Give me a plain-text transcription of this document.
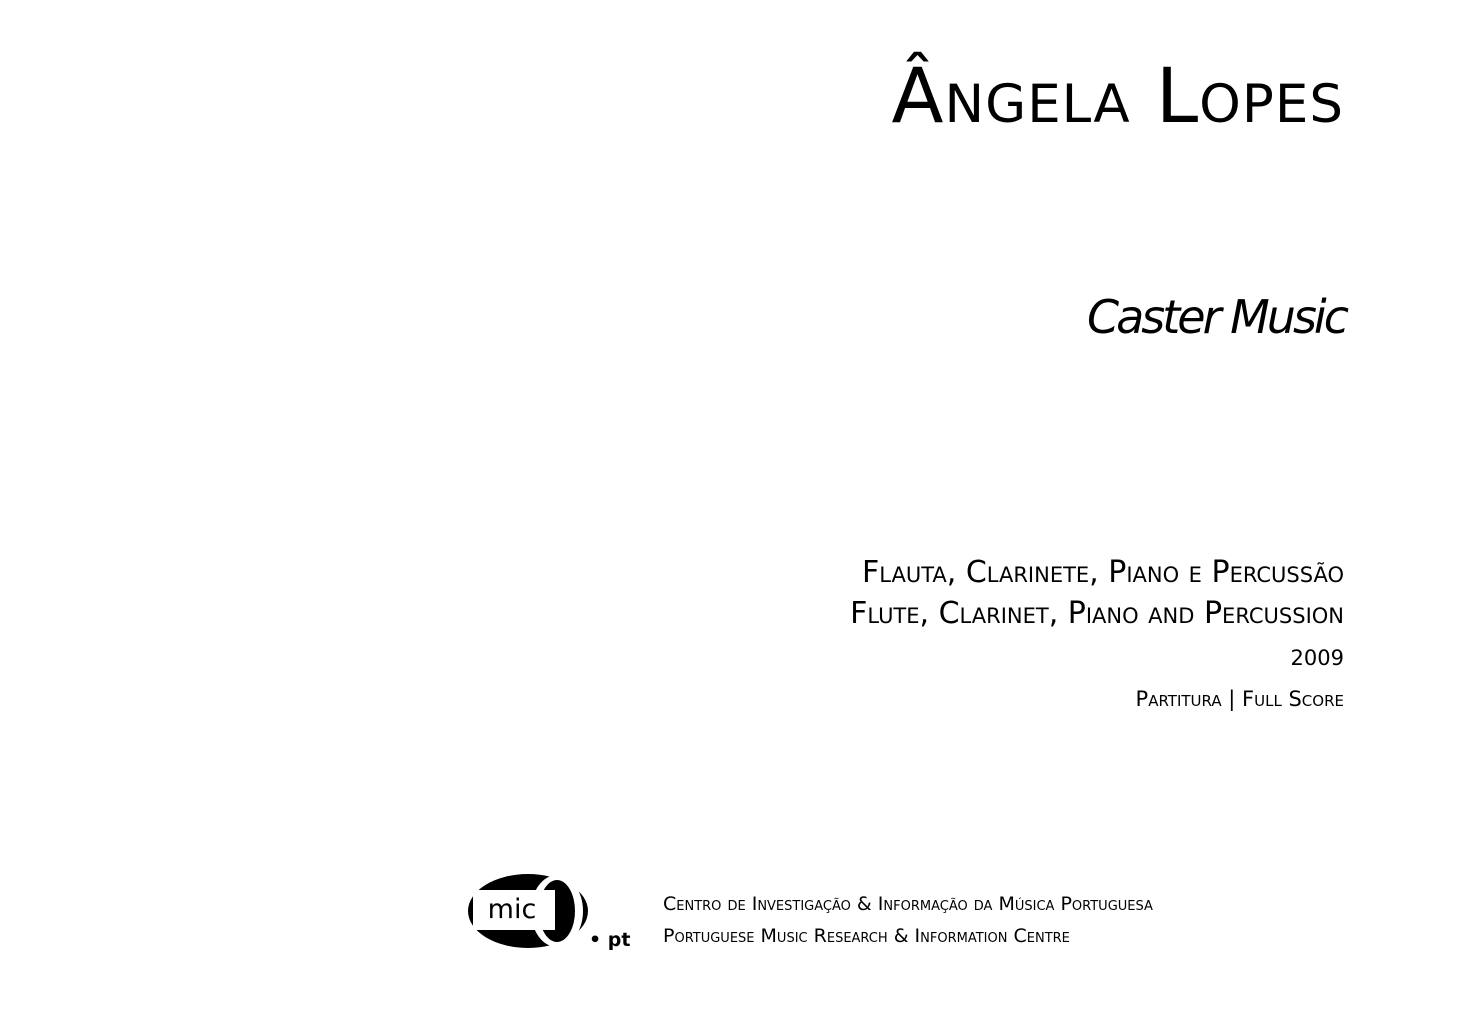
Ângela Lopes
Caster Music
Flauta, Clarinete, Piano e Percussão
Flute, Clarinet, Piano and Percussion
2009
Partitura | Full Score
mic
• pt
Centro de Investigação & Informação da Música Portuguesa
Portuguese Music Research & Information Centre
